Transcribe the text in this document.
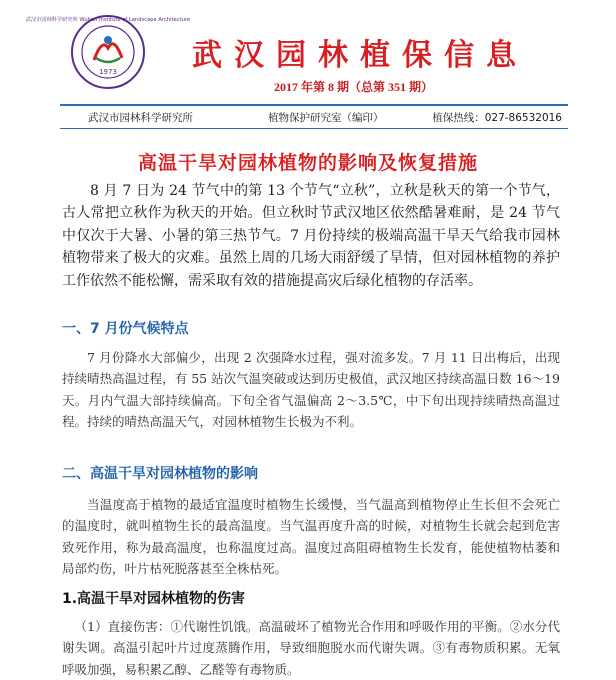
武汉市园林科学研究所 Wuhan Institute of Landscape Architecture
1973	武汉园林植保信息
2017 年第 8 期（总第 351 期）
武汉市园林科学研究所	植物保护研究室（编印）	植保热线：027-86532016
高温干旱对园林植物的影响及恢复措施

8 月 7 日为 24 节气中的第 13 个节气“立秋”，立秋是秋天的第一个节气，古人常把立秋作为秋天的开始。但立秋时节武汉地区依然酷暑难耐，是 24 节气中仅次于大暑、小暑的第三热节气。7 月份持续的极端高温干旱天气给我市园林植物带来了极大的灾难。虽然上周的几场大雨舒缓了旱情，但对园林植物的养护工作依然不能松懈，需采取有效的措施提高灾后绿化植物的存活率。

一、7 月份气候特点

7 月份降水大部偏少，出现 2 次强降水过程，强对流多发。7 月 11 日出梅后，出现持续晴热高温过程，有 55 站次气温突破或达到历史极值，武汉地区持续高温日数 16～19 天。月内气温大部持续偏高。下旬全省气温偏高 2～3.5℃，中下旬出现持续晴热高温过程。持续的晴热高温天气，对园林植物生长极为不利。

二、高温干旱对园林植物的影响

当温度高于植物的最适宜温度时植物生长缓慢，当气温高到植物停止生长但不会死亡的温度时，就叫植物生长的最高温度。当气温再度升高的时候，对植物生长就会起到危害致死作用，称为最高温度，也称温度过高。温度过高阻碍植物生长发育，能使植物枯萎和局部灼伤，叶片枯死脱落甚至全株枯死。

1.高温干旱对园林植物的伤害

（1）直接伤害：①代谢性饥饿。高温破坏了植物光合作用和呼吸作用的平衡。②水分代谢失调。高温引起叶片过度蒸腾作用，导致细胞脱水而代谢失调。③有毒物质积累。无氧呼吸加强，易积累乙醇、乙醛等有毒物质。
